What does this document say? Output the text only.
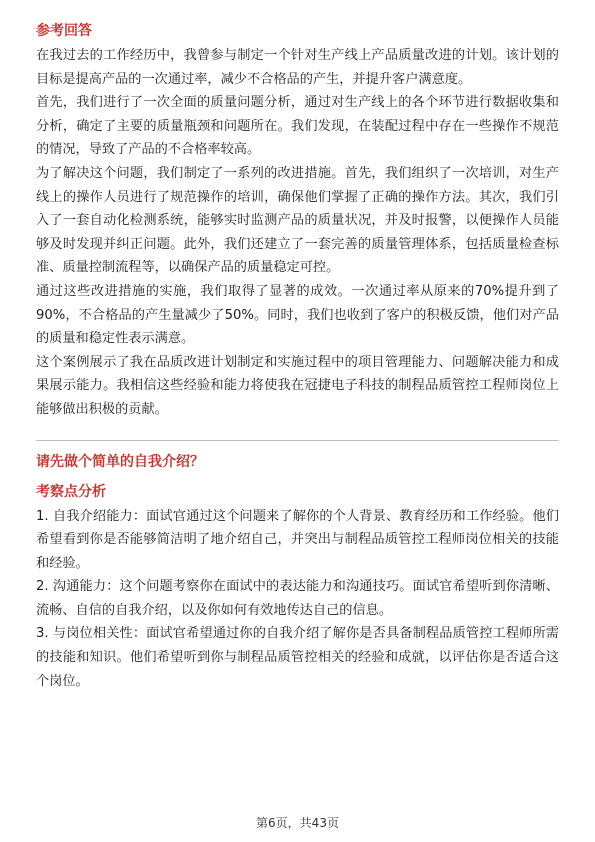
参考回答

在我过去的工作经历中，我曾参与制定一个针对生产线上产品质量改进的计划。该计划的目标是提高产品的一次通过率，减少不合格品的产生，并提升客户满意度。

首先，我们进行了一次全面的质量问题分析，通过对生产线上的各个环节进行数据收集和分析，确定了主要的质量瓶颈和问题所在。我们发现，在装配过程中存在一些操作不规范的情况，导致了产品的不合格率较高。

为了解决这个问题，我们制定了一系列的改进措施。首先，我们组织了一次培训，对生产线上的操作人员进行了规范操作的培训，确保他们掌握了正确的操作方法。其次，我们引入了一套自动化检测系统，能够实时监测产品的质量状况，并及时报警，以便操作人员能够及时发现并纠正问题。此外，我们还建立了一套完善的质量管理体系，包括质量检查标准、质量控制流程等，以确保产品的质量稳定可控。

通过这些改进措施的实施，我们取得了显著的成效。一次通过率从原来的70%提升到了90%，不合格品的产生量减少了50%。同时，我们也收到了客户的积极反馈，他们对产品的质量和稳定性表示满意。

这个案例展示了我在品质改进计划制定和实施过程中的项目管理能力、问题解决能力和成果展示能力。我相信这些经验和能力将使我在冠捷电子科技的制程品质管控工程师岗位上能够做出积极的贡献。

请先做个简单的自我介绍？
考察点分析

1. 自我介绍能力：面试官通过这个问题来了解你的个人背景、教育经历和工作经验。他们希望看到你是否能够简洁明了地介绍自己，并突出与制程品质管控工程师岗位相关的技能和经验。

2. 沟通能力：这个问题考察你在面试中的表达能力和沟通技巧。面试官希望听到你清晰、流畅、自信的自我介绍，以及你如何有效地传达自己的信息。

3. 与岗位相关性：面试官希望通过你的自我介绍了解你是否具备制程品质管控工程师所需的技能和知识。他们希望听到你与制程品质管控相关的经验和成就，以评估你是否适合这个岗位。

第6页，共43页
